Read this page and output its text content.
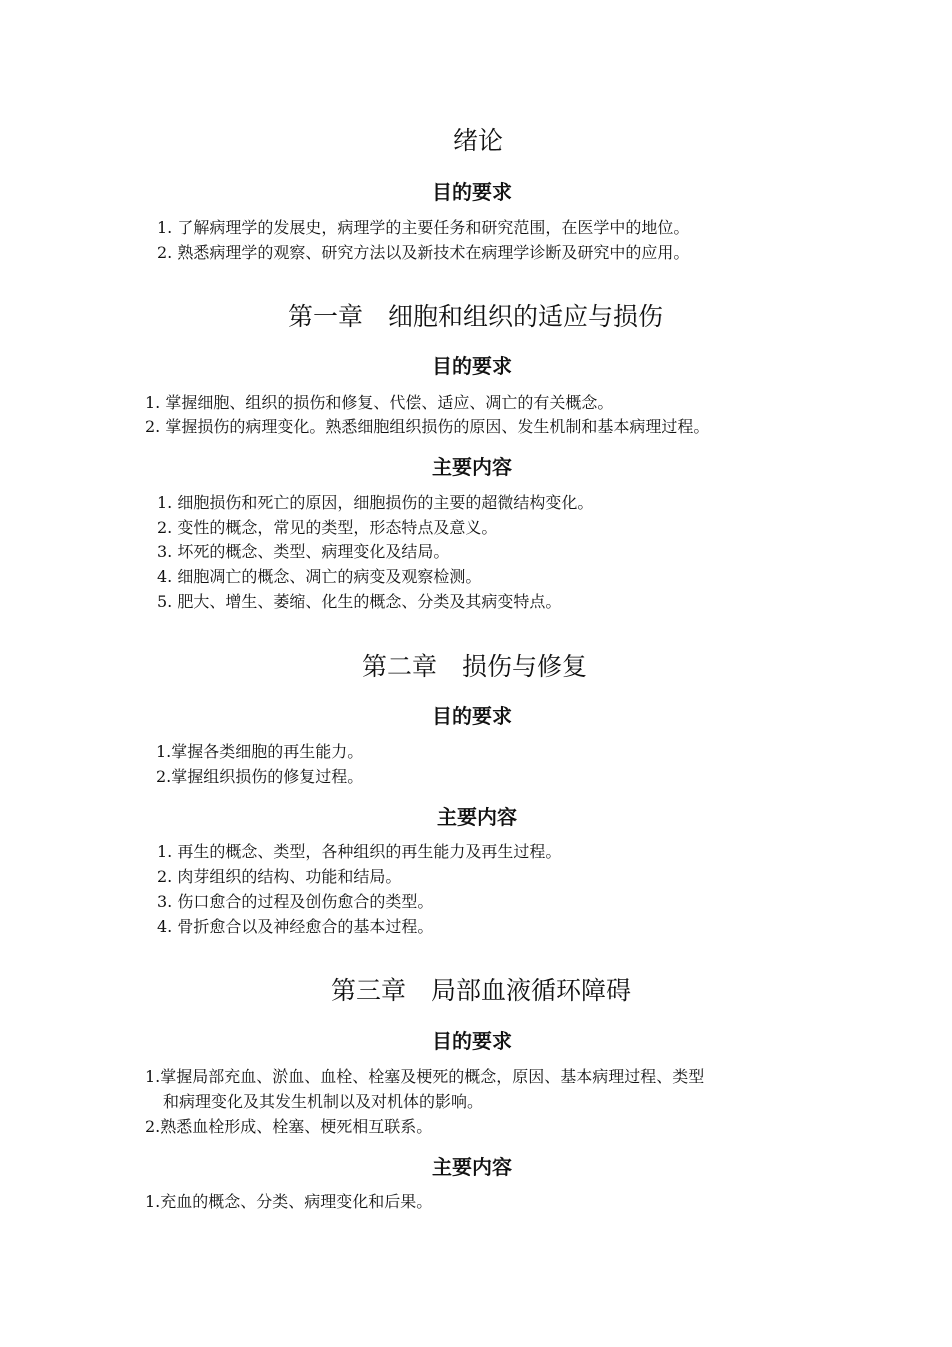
绪论
目的要求
1. 了解病理学的发展史，病理学的主要任务和研究范围，在医学中的地位。
2. 熟悉病理学的观察、研究方法以及新技术在病理学诊断及研究中的应用。
第一章　细胞和组织的适应与损伤
目的要求
1. 掌握细胞、组织的损伤和修复、代偿、适应、凋亡的有关概念。
2. 掌握损伤的病理变化。熟悉细胞组织损伤的原因、发生机制和基本病理过程。
主要内容
1. 细胞损伤和死亡的原因，细胞损伤的主要的超微结构变化。
2. 变性的概念，常见的类型，形态特点及意义。
3. 坏死的概念、类型、病理变化及结局。
4. 细胞凋亡的概念、凋亡的病变及观察检测。
5. 肥大、增生、萎缩、化生的概念、分类及其病变特点。
第二章　损伤与修复
目的要求
1.掌握各类细胞的再生能力。
2.掌握组织损伤的修复过程。
主要内容
1. 再生的概念、类型，各种组织的再生能力及再生过程。
2. 肉芽组织的结构、功能和结局。
3. 伤口愈合的过程及创伤愈合的类型。
4. 骨折愈合以及神经愈合的基本过程。
第三章　局部血液循环障碍
目的要求
1.掌握局部充血、淤血、血栓、栓塞及梗死的概念，原因、基本病理过程、类型
和病理变化及其发生机制以及对机体的影响。
2.熟悉血栓形成、栓塞、梗死相互联系。
主要内容
1.充血的概念、分类、病理变化和后果。
